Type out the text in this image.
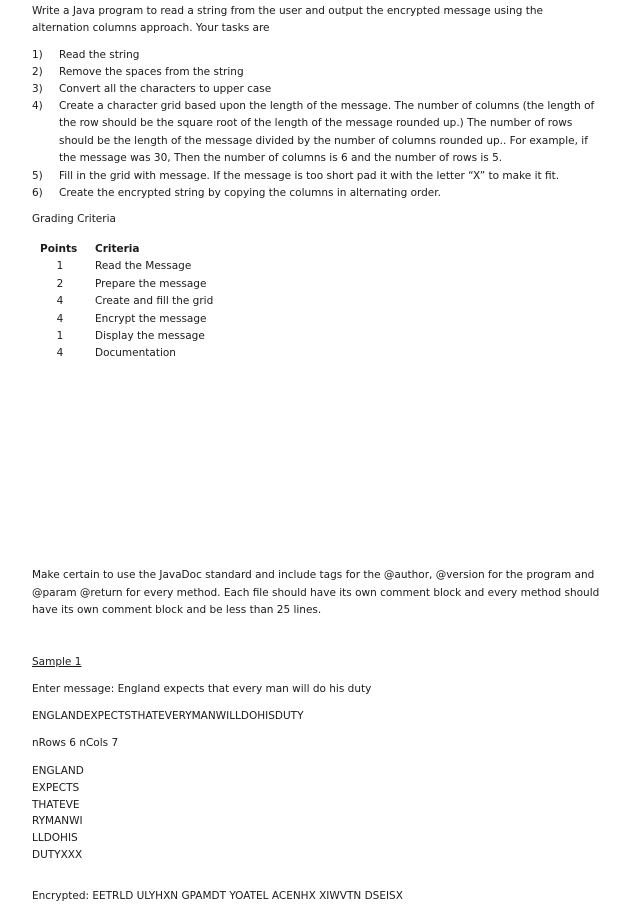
Write a Java program to read a string from the user and output the encrypted message using the alternation columns approach. Your tasks are
1)	Read the string
2)	Remove the spaces from the string
3)	Convert all the characters to upper case
4)	Create a character grid based upon the length of the message. The number of columns (the length of the row should be the square root of the length of the message rounded up.) The number of rows should be the length of the message divided by the number of columns rounded up.. For example, if the message was 30, Then the number of columns is 6 and the number of rows is 5.
5)	Fill in the grid with message. If the message is too short pad it with the letter “X” to make it fit.
6)	Create the encrypted string by copying the columns in alternating order.
Grading Criteria
Points	Criteria
1	Read the Message
2	Prepare the message
4	Create and fill the grid
4	Encrypt the message
1	Display the message
4	Documentation
Make certain to use the JavaDoc standard and include tags for the @author, @version for the program and @param @return for every method. Each file should have its own comment block and every method should have its own comment block and be less than 25 lines.
Sample 1
Enter message: England expects that every man will do his duty
ENGLANDEXPECTSTHATEVERYMANWILLDOHISDUTY
nRows 6 nCols 7
ENGLAND
EXPECTS
THATEVE
RYMANWI
LLDOHIS
DUTYXXX
Encrypted: EETRLD ULYHXN GPAMDT YOATEL ACENHX XIWVTN DSEISX
